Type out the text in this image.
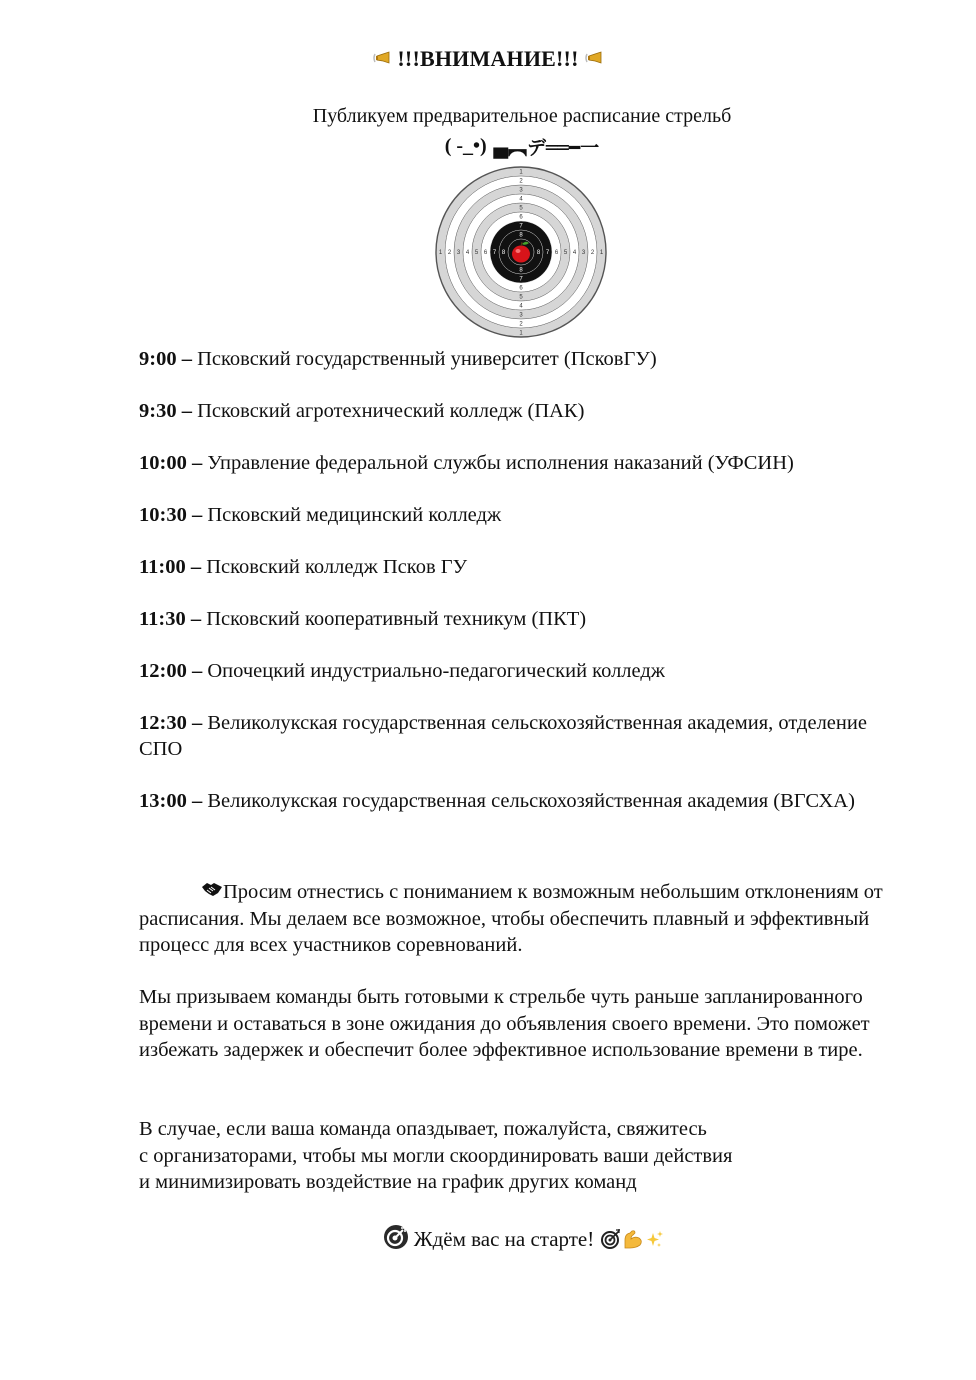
!!!ВНИМАНИЕ!!!
Публикуем предварительное расписание стрельб
( -_•) ▄︻デ══━一
1
1
1	1
2
2
2	2
3
3
3	3
4
4
4	4
5
5
5	5
6
6
6	6
7
7
7	7
8
8
8	8
9:00 – Псковский государственный университет (ПсковГУ)
9:30 – Псковский агротехнический колледж (ПАК)
10:00 – Управление федеральной службы исполнения наказаний (УФСИН)
10:30 – Псковский медицинский колледж
11:00 – Псковский колледж Псков ГУ
11:30 – Псковский кооперативный техникум (ПКТ)
12:00 – Опочецкий индустриально-педагогический колледж
12:30 – Великолукская государственная сельскохозяйственная академия, отделение СПО
13:00 – Великолукская государственная сельскохозяйственная академия (ВГСХА)
Просим отнестись с пониманием к возможным небольшим отклонениям от расписания. Мы делаем все возможное, чтобы обеспечить плавный и эффективный процесс для всех участников соревнований.
Мы призываем команды быть готовыми к стрельбе чуть раньше запланированного времени и оставаться в зоне ожидания до объявления своего времени. Это поможет избежать задержек и обеспечит более эффективное использование времени в тире.
В случае, если ваша команда опаздывает, пожалуйста, свяжитесь
с организаторами, чтобы мы могли скоординировать ваши действия
и минимизировать воздействие на график других команд
Ждём вас на старте!
